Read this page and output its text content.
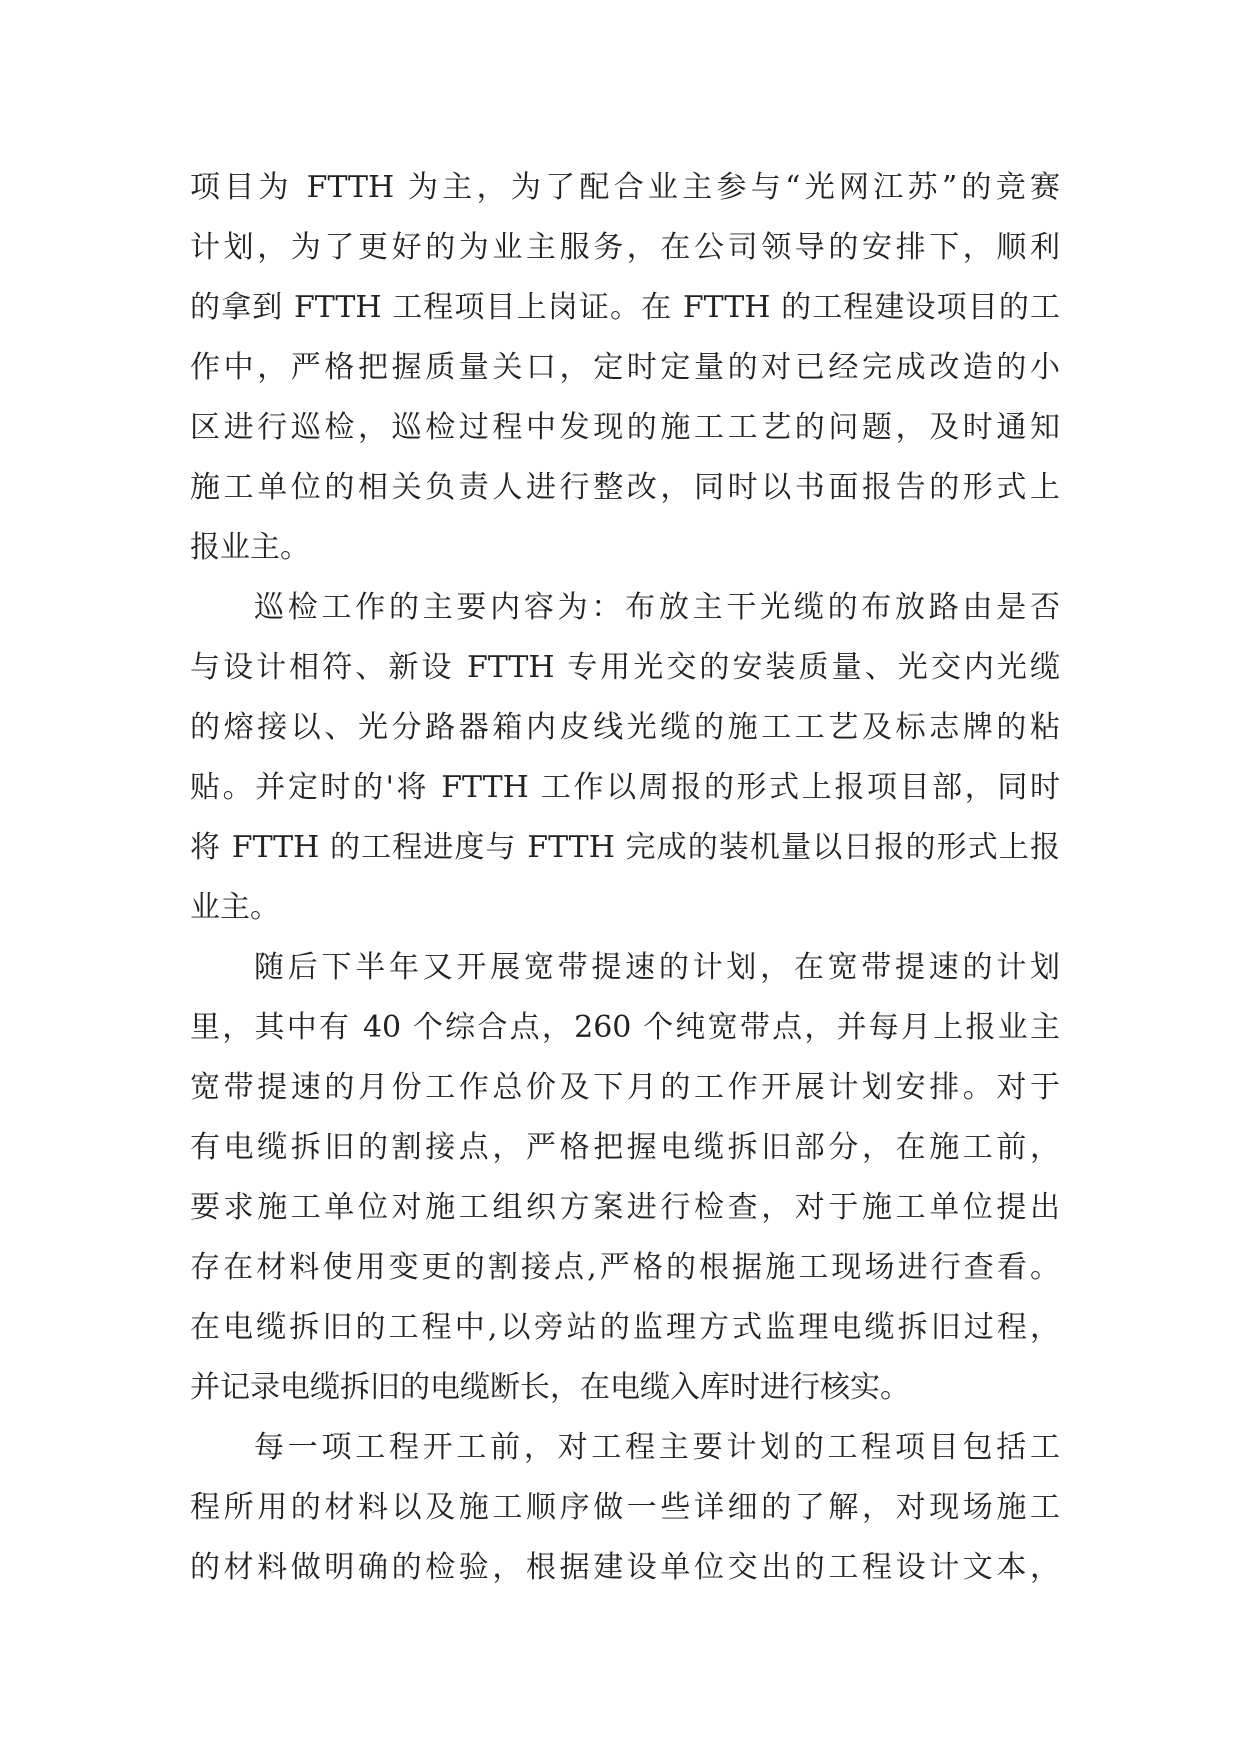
项目为 FTTH 为主，为了配合业主参与“光网江苏”的竞赛
计划，为了更好的为业主服务，在公司领导的安排下，顺利
的拿到 FTTH 工程项目上岗证。在 FTTH 的工程建设项目的工
作中，严格把握质量关口，定时定量的对已经完成改造的小
区进行巡检，巡检过程中发现的施工工艺的问题，及时通知
施工单位的相关负责人进行整改，同时以书面报告的形式上
报业主。
巡检工作的主要内容为：布放主干光缆的布放路由是否
与设计相符、新设 FTTH 专用光交的安装质量、光交内光缆
的熔接以、光分路器箱内皮线光缆的施工工艺及标志牌的粘
贴。并定时的'将 FTTH 工作以周报的形式上报项目部，同时
将 FTTH 的工程进度与 FTTH 完成的装机量以日报的形式上报
业主。
随后下半年又开展宽带提速的计划，在宽带提速的计划
里，其中有 40 个综合点，260 个纯宽带点，并每月上报业主
宽带提速的月份工作总价及下月的工作开展计划安排。对于
有电缆拆旧的割接点，严格把握电缆拆旧部分，在施工前，
要求施工单位对施工组织方案进行检查，对于施工单位提出
存在材料使用变更的割接点,严格的根据施工现场进行查看。
在电缆拆旧的工程中,以旁站的监理方式监理电缆拆旧过程，
并记录电缆拆旧的电缆断长，在电缆入库时进行核实。
每一项工程开工前，对工程主要计划的工程项目包括工
程所用的材料以及施工顺序做一些详细的了解，对现场施工
的材料做明确的检验，根据建设单位交出的工程设计文本，
